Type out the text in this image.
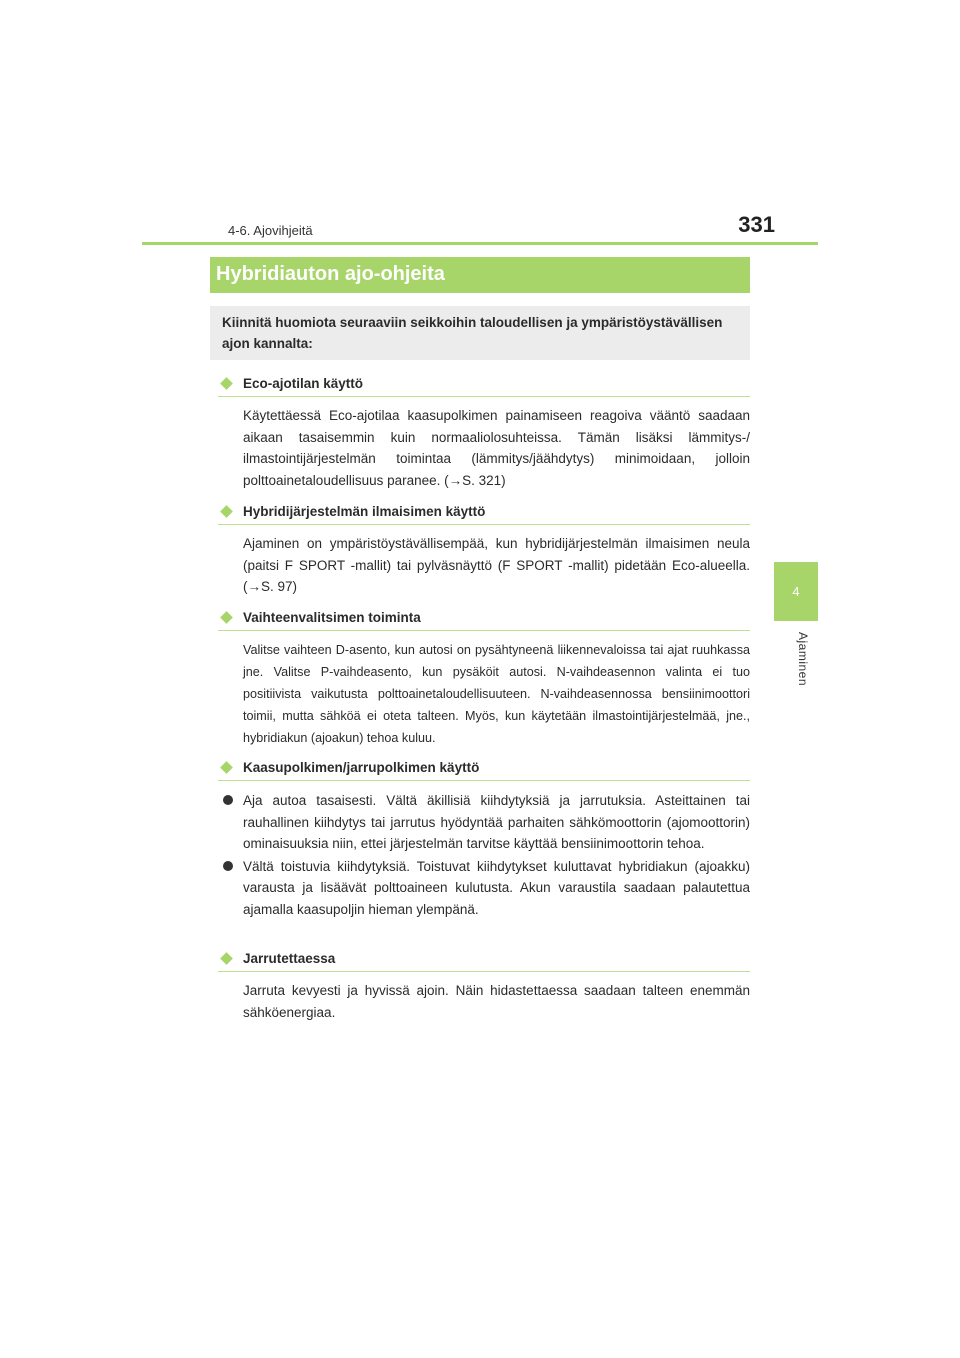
4-6. Ajovihjeitä	331
4
Ajaminen
Hybridiauton ajo-ohjeita
Kiinnitä huomiota seuraaviin seikkoihin taloudellisen ja ympäristöystävällisen ajon kannalta:
Eco-ajotilan käyttö
Käytettäessä Eco-ajotilaa kaasupolkimen painamiseen reagoiva vääntö saadaan aikaan tasaisemmin kuin normaaliolosuhteissa. Tämän lisäksi lämmitys-/ ilmastointijärjestelmän toimintaa (lämmitys/jäähdytys) minimoidaan, jolloin polttoainetaloudellisuus paranee. (→S. 321)
Hybridijärjestelmän ilmaisimen käyttö
Ajaminen on ympäristöystävällisempää, kun hybridijärjestelmän ilmaisimen neula (paitsi F SPORT -mallit) tai pylväsnäyttö (F SPORT -mallit) pidetään Eco-alueella. (→S. 97)
Vaihteenvalitsimen toiminta
Valitse vaihteen D-asento, kun autosi on pysähtyneenä liikennevaloissa tai ajat ruuhkassa jne. Valitse P-vaihdeasento, kun pysäköit autosi. N-vaihdeasennon valinta ei tuo positiivista vaikutusta polttoainetaloudellisuuteen. N-vaihdeasennossa bensiinimoottori toimii, mutta sähköä ei oteta talteen. Myös, kun käytetään ilmastointijärjestelmää, jne., hybridiakun (ajoakun) tehoa kuluu.
Kaasupolkimen/jarrupolkimen käyttö
Aja autoa tasaisesti. Vältä äkillisiä kiihdytyksiä ja jarrutuksia. Asteittainen tai rauhallinen kiihdytys tai jarrutus hyödyntää parhaiten sähkömoottorin (ajomoottorin) ominaisuuksia niin, ettei järjestelmän tarvitse käyttää bensiinimoottorin tehoa.
Vältä toistuvia kiihdytyksiä. Toistuvat kiihdytykset kuluttavat hybridiakun (ajoakku) varausta ja lisäävät polttoaineen kulutusta. Akun varaustila saadaan palautettua ajamalla kaasupoljin hieman ylempänä.
Jarrutettaessa
Jarruta kevyesti ja hyvissä ajoin. Näin hidastettaessa saadaan talteen enemmän sähköenergiaa.
